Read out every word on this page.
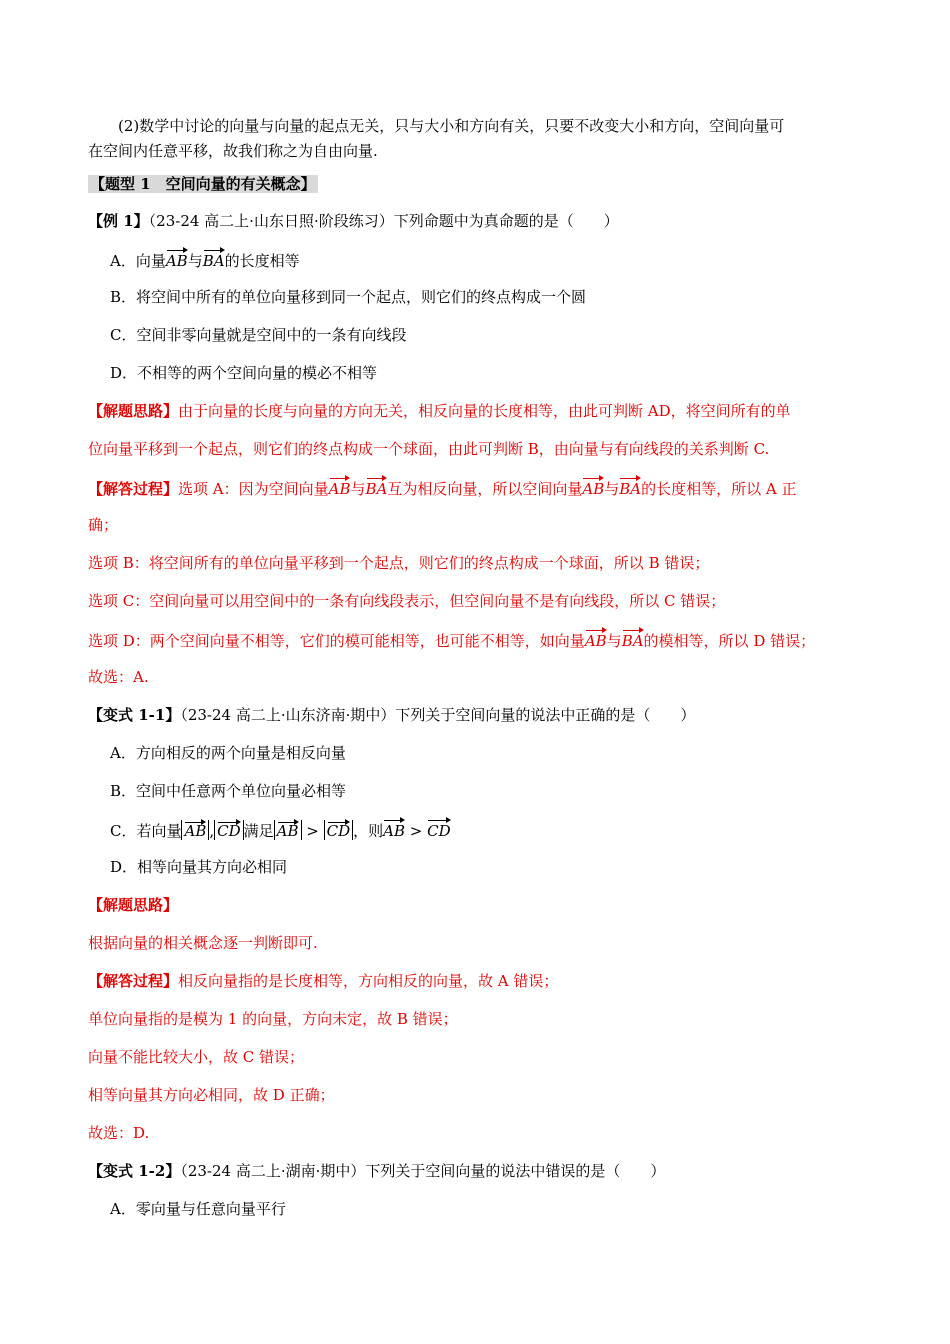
(2)数学中讨论的向量与向量的起点无关，只与大小和方向有关，只要不改变大小和方向，空间向量可
在空间内任意平移，故我们称之为自由向量.
【题型 1　空间向量的有关概念】
【例 1】（23-24 高二上·山东日照·阶段练习）下列命题中为真命题的是（　　）
A．向量AB与BA的长度相等
B．将空间中所有的单位向量移到同一个起点，则它们的终点构成一个圆
C．空间非零向量就是空间中的一条有向线段
D．不相等的两个空间向量的模必不相等
【解题思路】由于向量的长度与向量的方向无关，相反向量的长度相等，由此可判断 AD，将空间所有的单
位向量平移到一个起点，则它们的终点构成一个球面，由此可判断 B，由向量与有向线段的关系判断 C.
【解答过程】选项 A：因为空间向量AB与BA互为相反向量，所以空间向量AB与BA的长度相等，所以 A 正
确；
选项 B：将空间所有的单位向量平移到一个起点，则它们的终点构成一个球面，所以 B 错误；
选项 C：空间向量可以用空间中的一条有向线段表示，但空间向量不是有向线段，所以 C 错误；
选项 D：两个空间向量不相等，它们的模可能相等，也可能不相等，如向量AB与BA的模相等，所以 D 错误；
故选：A.
【变式 1-1】（23-24 高二上·山东济南·期中）下列关于空间向量的说法中正确的是（　　）
A．方向相反的两个向量是相反向量
B．空间中任意两个单位向量必相等
C．若向量 AB , CD 满足 AB > CD ，则AB > CD
D．相等向量其方向必相同
【解题思路】
根据向量的相关概念逐一判断即可.
【解答过程】相反向量指的是长度相等，方向相反的向量，故 A 错误；
单位向量指的是模为 1 的向量，方向未定，故 B 错误；
向量不能比较大小，故 C 错误；
相等向量其方向必相同，故 D 正确；
故选：D.
【变式 1-2】（23-24 高二上·湖南·期中）下列关于空间向量的说法中错误的是（　　）
A．零向量与任意向量平行
